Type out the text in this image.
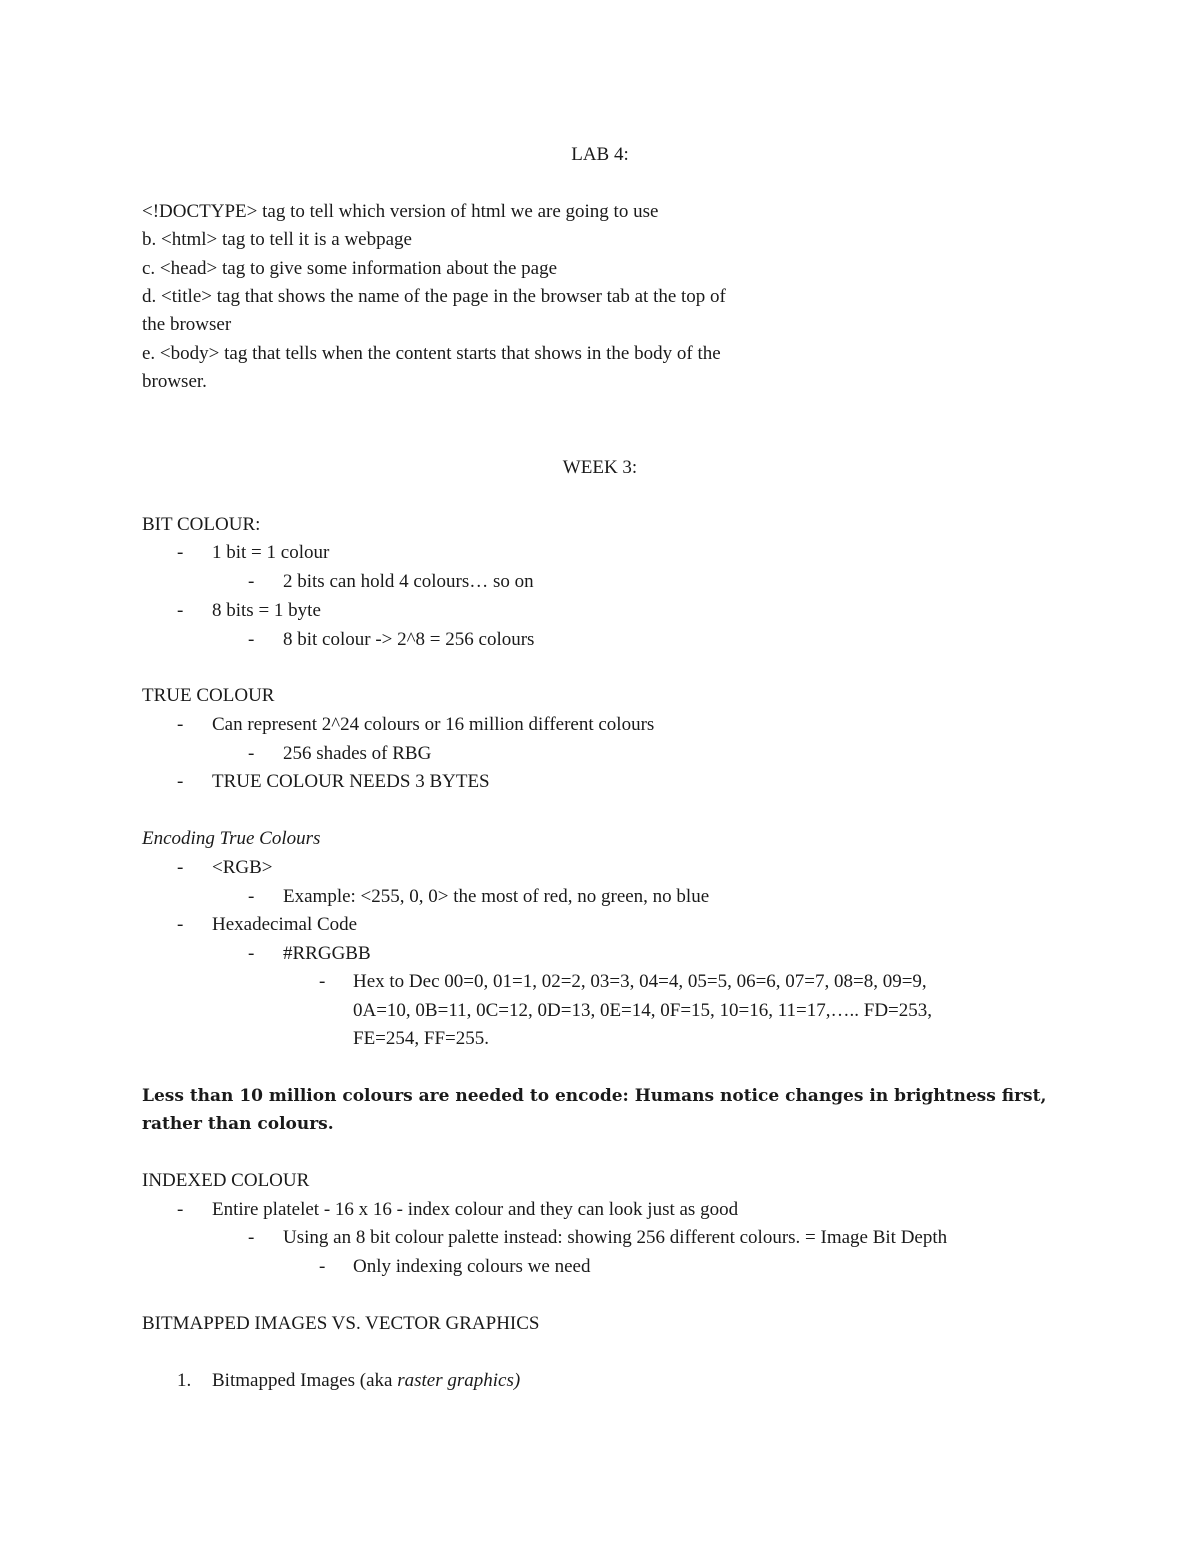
LAB 4:
<!DOCTYPE> tag to tell which version of html we are going to use
b. <html> tag to tell it is a webpage
c. <head> tag to give some information about the page
d. <title> tag that shows the name of the page in the browser tab at the top of
the browser
e. <body> tag that tells when the content starts that shows in the body of the
browser.
WEEK 3:
BIT COLOUR:
- 1 bit = 1 colour
- 2 bits can hold 4 colours… so on
- 8 bits = 1 byte
- 8 bit colour -> 2^8 = 256 colours
TRUE COLOUR
- Can represent 2^24 colours or 16 million different colours
- 256 shades of RBG
- TRUE COLOUR NEEDS 3 BYTES
Encoding True Colours
- <RGB>
- Example: <255, 0, 0> the most of red, no green, no blue
- Hexadecimal Code
- #RRGGBB
- Hex to Dec 00=0, 01=1, 02=2, 03=3, 04=4, 05=5, 06=6, 07=7, 08=8, 09=9,
0A=10, 0B=11, 0C=12, 0D=13, 0E=14, 0F=15, 10=16, 11=17,….. FD=253,
FE=254, FF=255.
Less than 10 million colours are needed to encode: Humans notice changes in brightness first,
rather than colours.
INDEXED COLOUR
- Entire platelet - 16 x 16 - index colour and they can look just as good
- Using an 8 bit colour palette instead: showing 256 different colours. = Image Bit Depth
- Only indexing colours we need
BITMAPPED IMAGES VS. VECTOR GRAPHICS
1. Bitmapped Images (aka raster graphics)
